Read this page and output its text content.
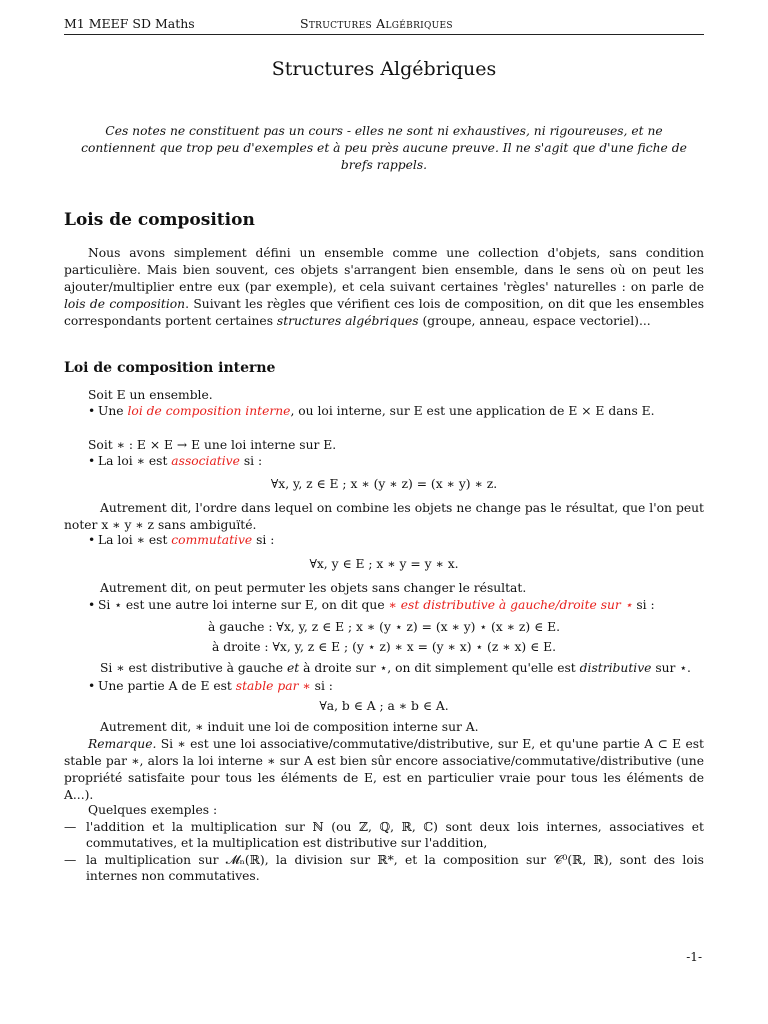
M1 MEEF SD Maths	Structures Algébriques
Structures Algébriques
Ces notes ne constituent pas un cours - elles ne sont ni exhaustives, ni rigoureuses, et ne contiennent que trop peu d'exemples et à peu près aucune preuve. Il ne s'agit que d'une fiche de brefs rappels.
Lois de composition
Nous avons simplement défini un ensemble comme une collection d'objets, sans condition particulière. Mais bien souvent, ces objets s'arrangent bien ensemble, dans le sens où on peut les ajouter/multiplier entre eux (par exemple), et cela suivant certaines 'règles' naturelles : on parle de lois de composition. Suivant les règles que vérifient ces lois de composition, on dit que les ensembles correspondants portent certaines structures algébriques (groupe, anneau, espace vectoriel)...
Loi de composition interne
Soit E un ensemble.
• Une loi de composition interne, ou loi interne, sur E est une application de E × E dans E.
Soit ∗ : E × E → E une loi interne sur E.
• La loi ∗ est associative si :
∀x, y, z ∈ E ; x ∗ (y ∗ z) = (x ∗ y) ∗ z.
Autrement dit, l'ordre dans lequel on combine les objets ne change pas le résultat, que l'on peut noter x ∗ y ∗ z sans ambiguïté.
• La loi ∗ est commutative si :
∀x, y ∈ E ; x ∗ y = y ∗ x.
Autrement dit, on peut permuter les objets sans changer le résultat.
• Si ⋆ est une autre loi interne sur E, on dit que ∗ est distributive à gauche/droite sur ⋆ si :
à gauche : ∀x, y, z ∈ E ; x ∗ (y ⋆ z) = (x ∗ y) ⋆ (x ∗ z) ∈ E.
à droite : ∀x, y, z ∈ E ; (y ⋆ z) ∗ x = (y ∗ x) ⋆ (z ∗ x) ∈ E.
Si ∗ est distributive à gauche et à droite sur ⋆, on dit simplement qu'elle est distributive sur ⋆.
• Une partie A de E est stable par ∗ si :
∀a, b ∈ A ; a ∗ b ∈ A.
Autrement dit, ∗ induit une loi de composition interne sur A.
Remarque. Si ∗ est une loi associative/commutative/distributive, sur E, et qu'une partie A ⊂ E est stable par ∗, alors la loi interne ∗ sur A est bien sûr encore associative/commutative/distributive (une propriété satisfaite pour tous les éléments de E, est en particulier vraie pour tous les éléments de A...).
Quelques exemples :
— l'addition et la multiplication sur ℕ (ou ℤ, ℚ, ℝ, ℂ) sont deux lois internes, associatives et commutatives, et la multiplication est distributive sur l'addition,
— la multiplication sur 𝓜ₙ(ℝ), la division sur ℝ*, et la composition sur 𝒞⁰(ℝ, ℝ), sont des lois internes non commutatives.
-1-
